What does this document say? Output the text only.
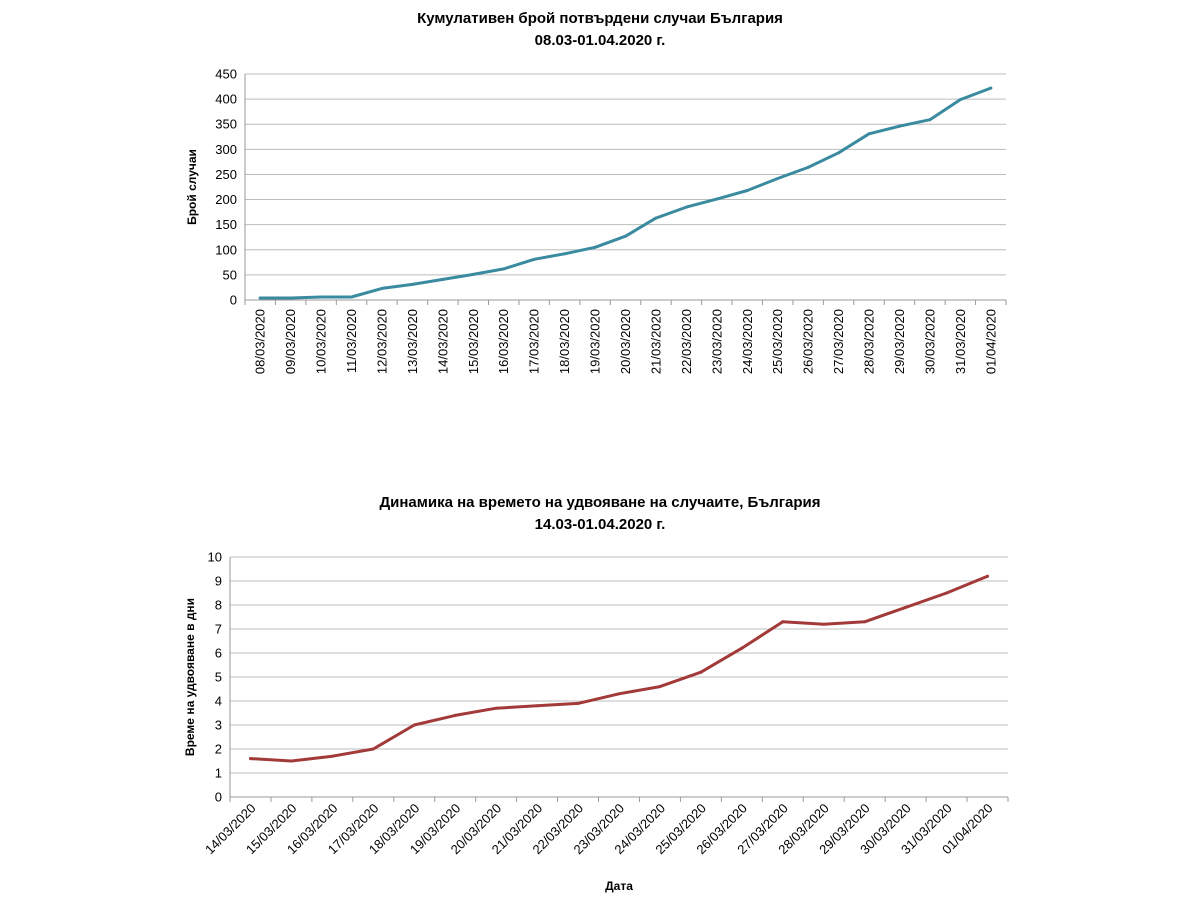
Кумулативен брой потвърдени случаи България
08.03-01.04.2020 г.
Динамика на времето на удвояване на случаите, България
14.03-01.04.2020 г.
0
50
100
150
200
250
300
350
400
450
08/03/2020 09/03/2020 10/03/2020 11/03/2020 12/03/2020 13/03/2020 14/03/2020 15/03/2020 16/03/2020 17/03/2020 18/03/2020 19/03/2020 20/03/2020 21/03/2020 22/03/2020 23/03/2020 24/03/2020 25/03/2020 26/03/2020 27/03/2020 28/03/2020 29/03/2020 30/03/2020 31/03/2020 01/04/2020
Брой случаи
0
1
2
3
4
5
6
7
8
9
10
14/03/2020
15/03/2020
16/03/2020
17/03/2020
18/03/2020
19/03/2020
20/03/2020
21/03/2020
22/03/2020
23/03/2020
24/03/2020
25/03/2020
26/03/2020
27/03/2020
28/03/2020
29/03/2020
30/03/2020
31/03/2020
01/04/2020
Време на удвояване в дни
Дата
